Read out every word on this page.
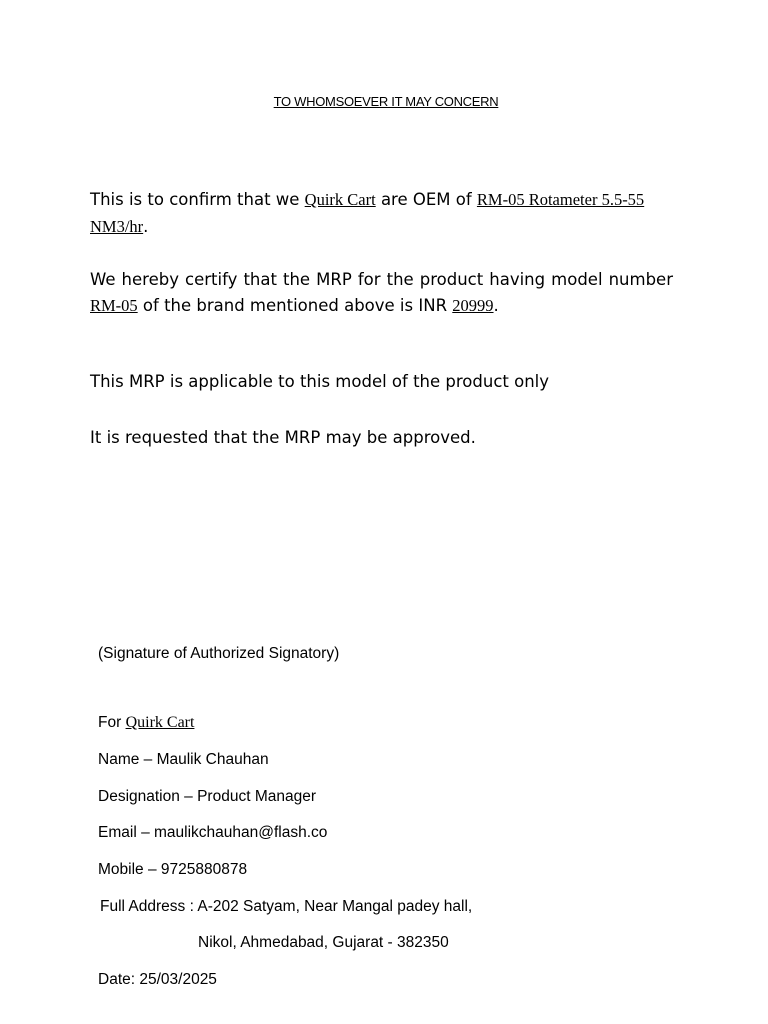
TO WHOMSOEVER IT MAY CONCERN
This is to confirm that we Quirk Cart are OEM of RM-05 Rotameter 5.5-55 NM3/hr.
We hereby certify that the MRP for the product having model number
RM-05 of the brand mentioned above is INR 20999.
This MRP is applicable to this model of the product only
It is requested that the MRP may be approved.
(Signature of Authorized Signatory)
For Quirk Cart
Name – Maulik Chauhan
Designation – Product Manager
Email – maulikchauhan@flash.co
Mobile – 9725880878
Full Address : A-202 Satyam, Near Mangal padey hall,
Nikol, Ahmedabad, Gujarat - 382350
Date: 25/03/2025
